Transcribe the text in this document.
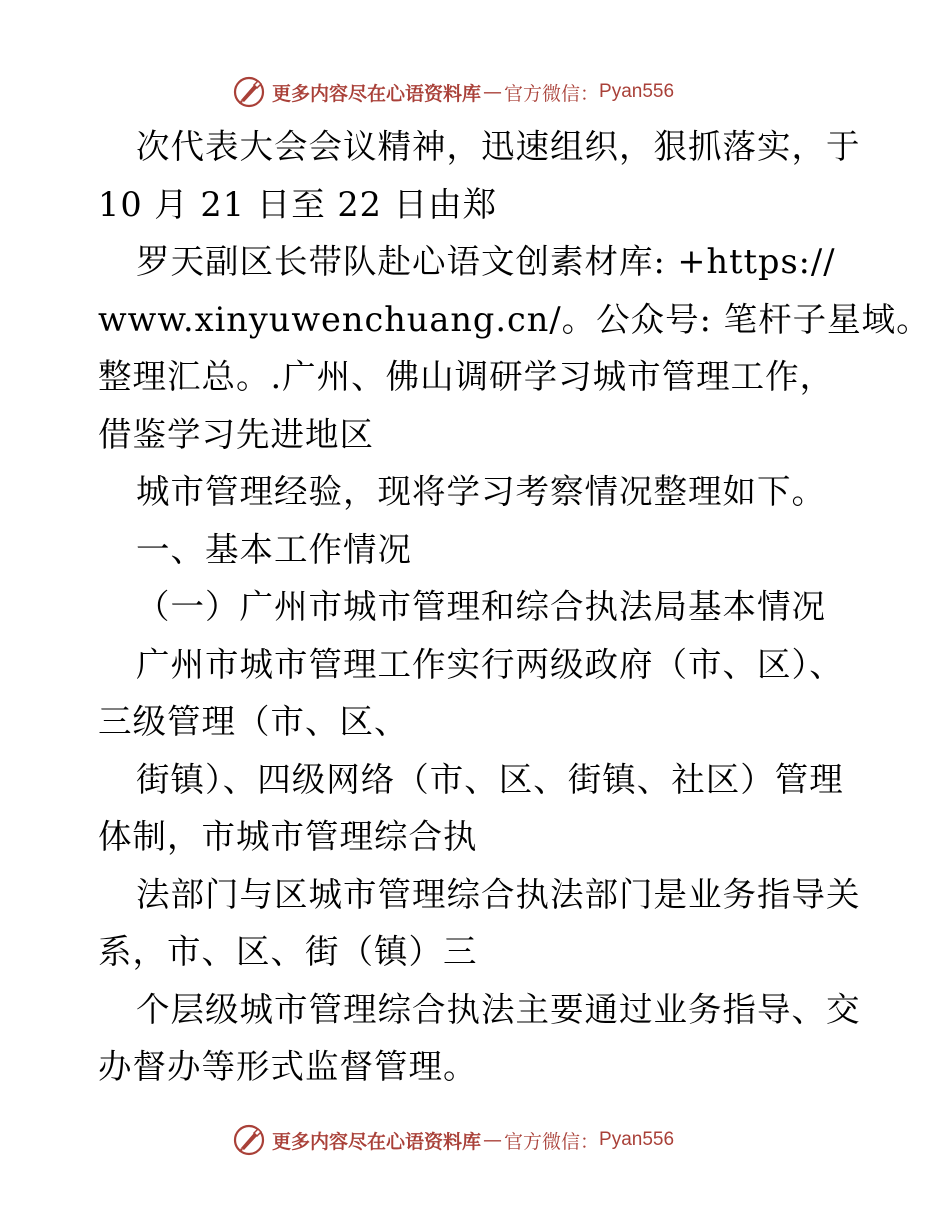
更多内容尽在心语资料库 — 官方微信： Pyan556
次代表大会会议精神，迅速组织，狠抓落实，于
10 月 21 日至 22 日由郑
罗天副区长带队赴心语文创素材库: +https://
www.xinyuwenchuang.cn/。公众号: 笔杆子星域。
整理汇总。.广州、佛山调研学习城市管理工作，
借鉴学习先进地区
城市管理经验，现将学习考察情况整理如下。
一、基本工作情况
（一）广州市城市管理和综合执法局基本情况
广州市城市管理工作实行两级政府（市、区）、
三级管理（市、区、
街镇）、四级网络（市、区、街镇、社区）管理
体制，市城市管理综合执
法部门与区城市管理综合执法部门是业务指导关
系，市、区、街（镇）三
个层级城市管理综合执法主要通过业务指导、交
办督办等形式监督管理。
更多内容尽在心语资料库 — 官方微信： Pyan556
